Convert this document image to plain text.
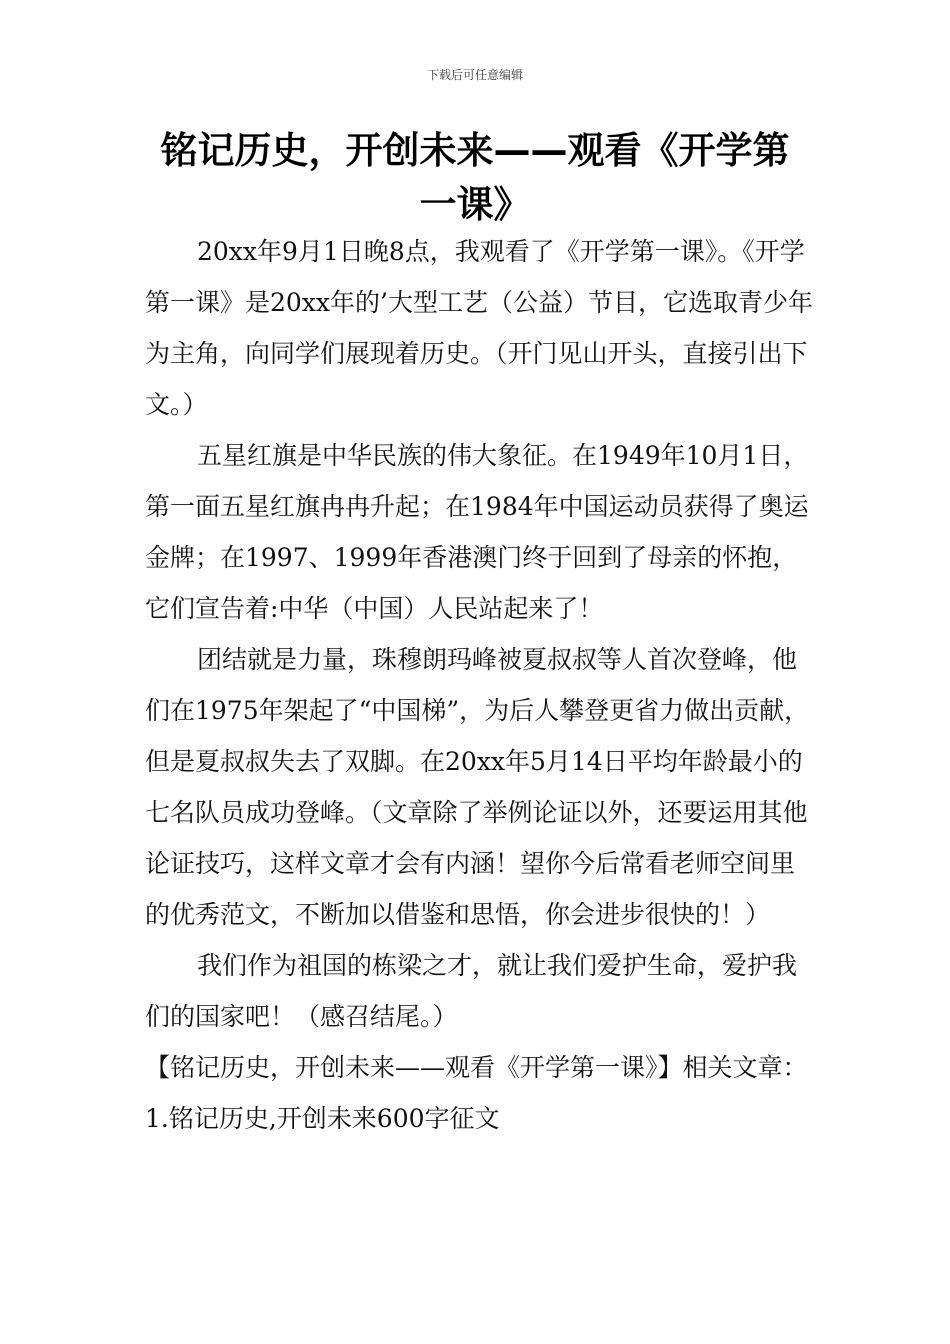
下载后可任意编辑
铭记历史，开创未来——观看《开学第一课》

20xx年9月1日晚8点，我观看了《开学第一课》。《开学第一课》是20xx年的’大型工艺（公益）节目，它选取青少年为主角，向同学们展现着历史。（开门见山开头，直接引出下文。）

五星红旗是中华民族的伟大象征。在1949年10月1日，第一面五星红旗冉冉升起；在1984年中国运动员获得了奥运金牌；在1997、1999年香港澳门终于回到了母亲的怀抱，它们宣告着:中华（中国）人民站起来了！

团结就是力量，珠穆朗玛峰被夏叔叔等人首次登峰，他们在1975年架起了“中国梯”，为后人攀登更省力做出贡献，但是夏叔叔失去了双脚。在20xx年5月14日平均年龄最小的七名队员成功登峰。（文章除了举例论证以外，还要运用其他论证技巧，这样文章才会有内涵！望你今后常看老师空间里的优秀范文，不断加以借鉴和思悟，你会进步很快的！）

我们作为祖国的栋梁之才，就让我们爱护生命，爱护我们的国家吧！（感召结尾。）

【铭记历史，开创未来——观看《开学第一课》】相关文章：

1.铭记历史,开创未来600字征文
